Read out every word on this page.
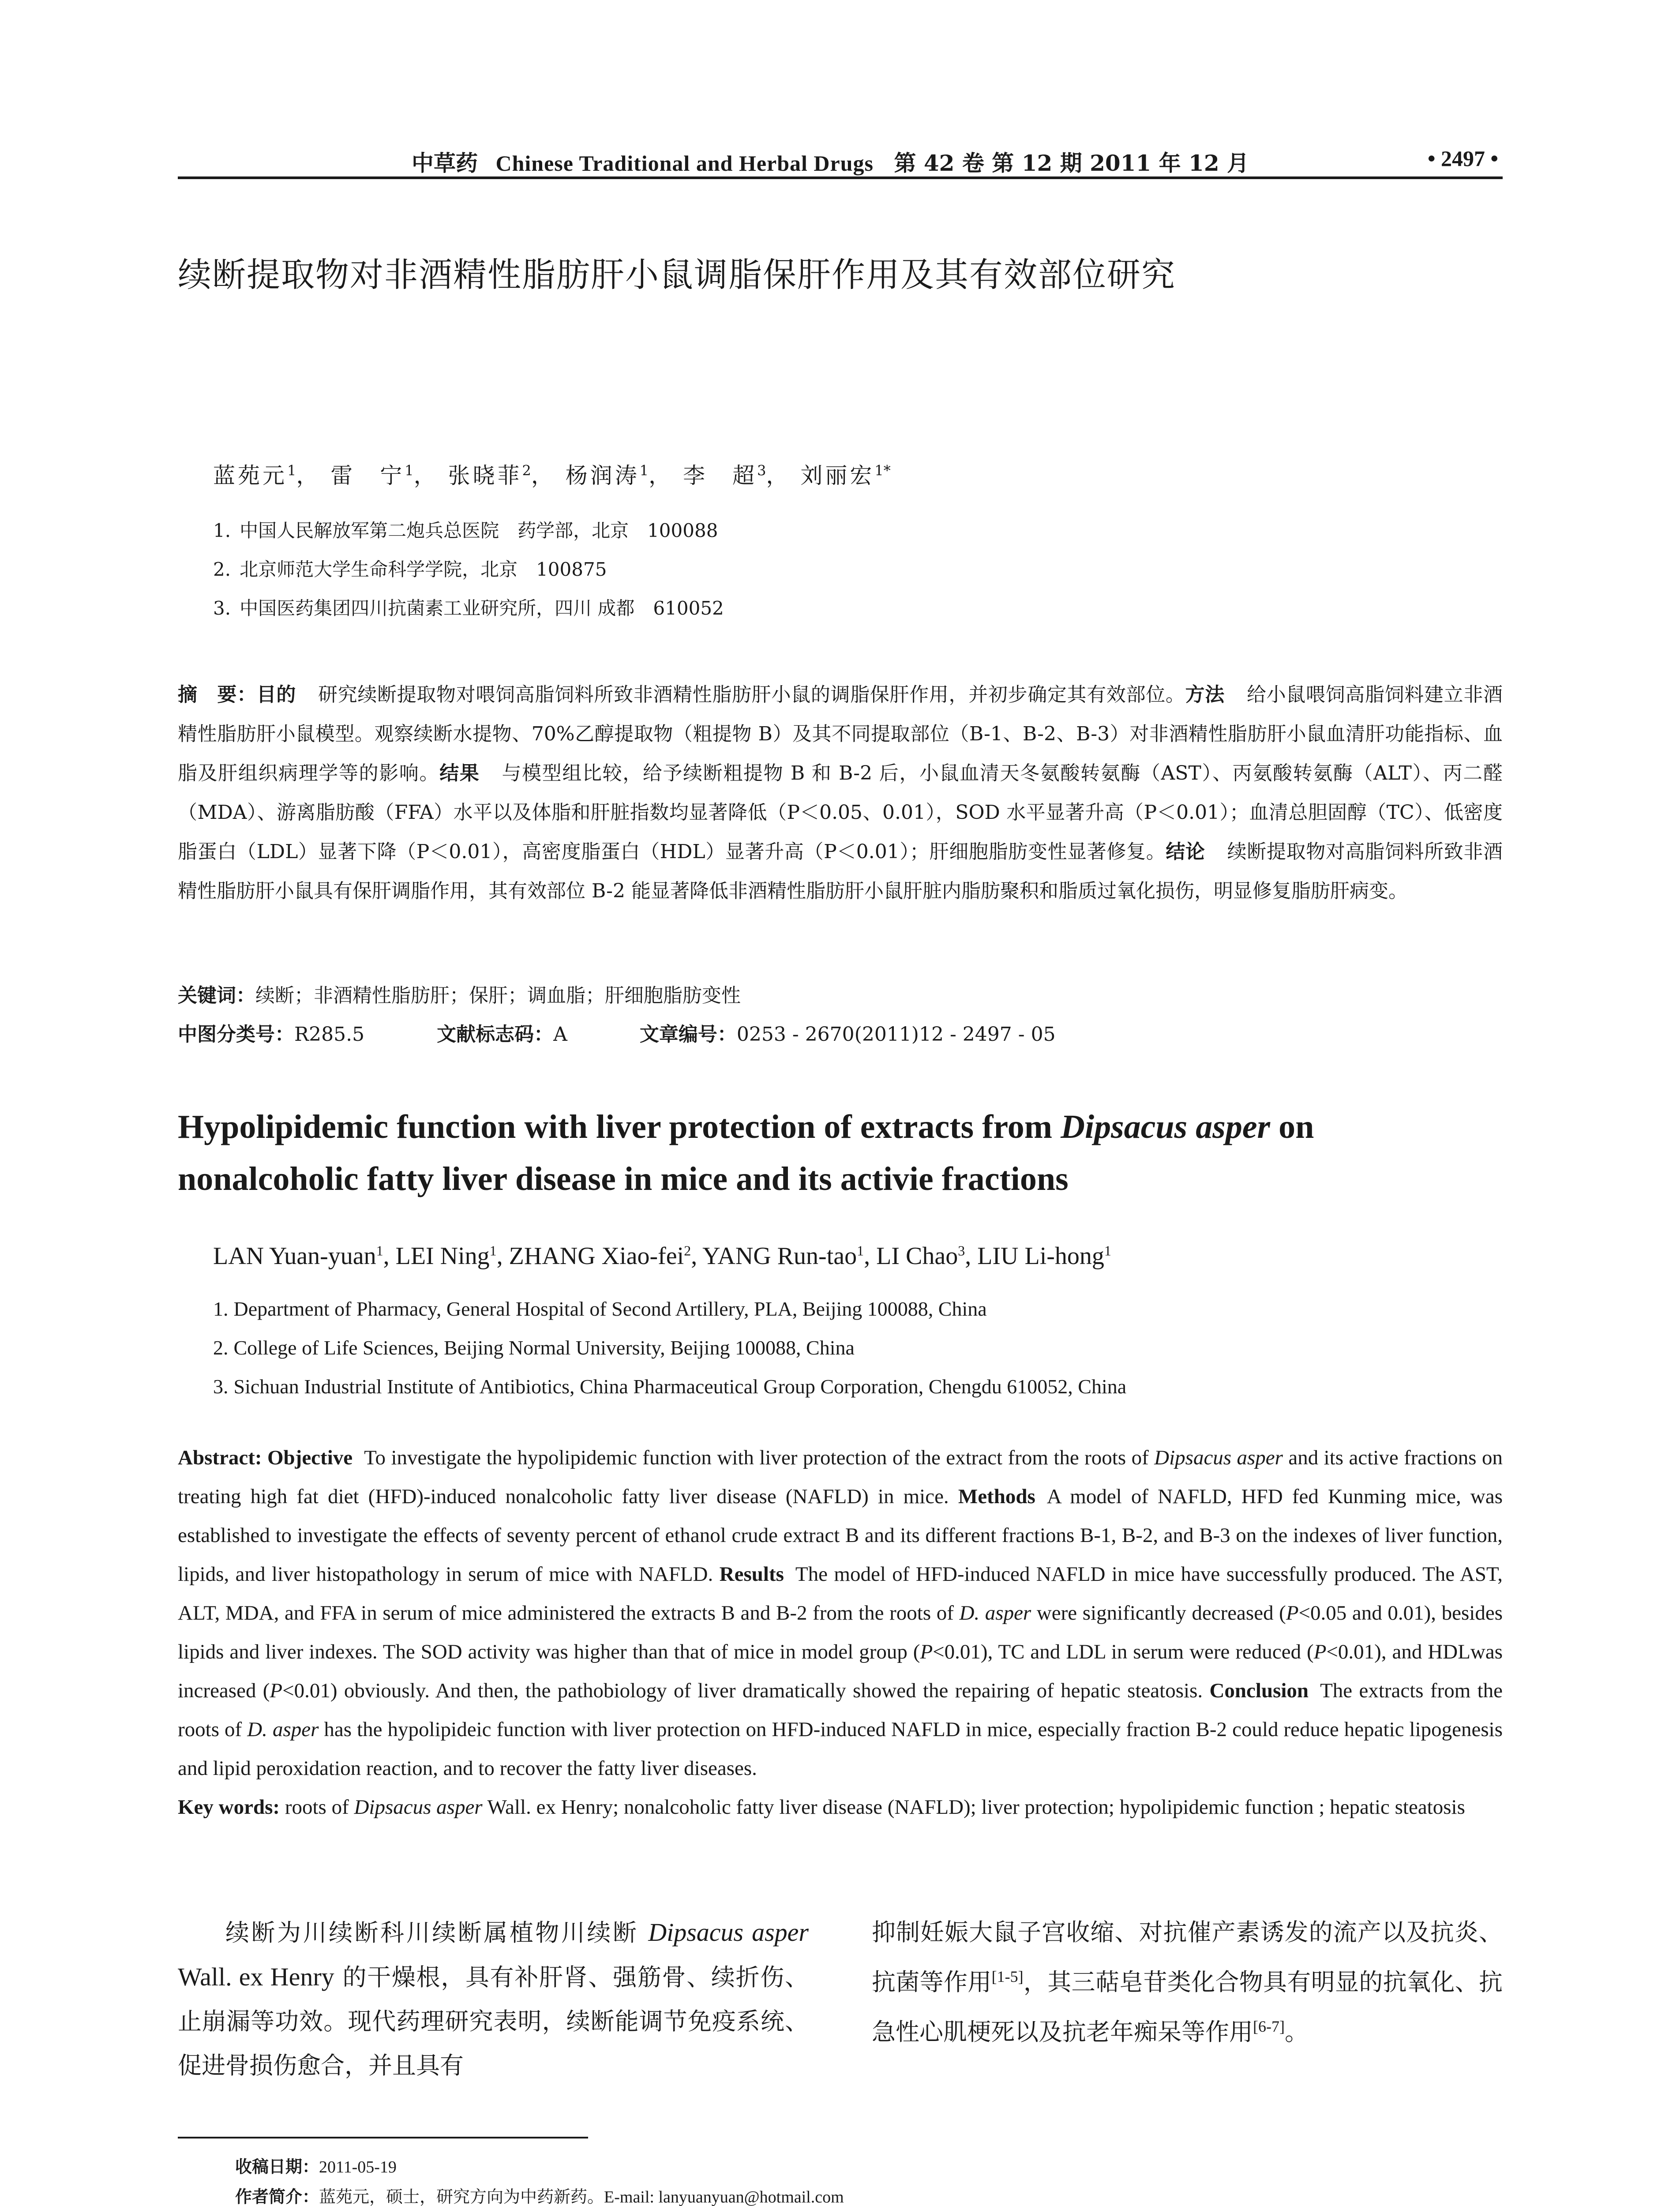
中草药 Chinese Traditional and Herbal Drugs 第 42 卷 第 12 期 2011 年 12 月	• 2497 •
续断提取物对非酒精性脂肪肝小鼠调脂保肝作用及其有效部位研究
蓝苑元$^1$， 雷　宁$^1$， 张晓菲$^2$， 杨润涛$^1$， 李　超$^3$， 刘丽宏$^{1*}$
1. 中国人民解放军第二炮兵总医院　药学部，北京　100088
2. 北京师范大学生命科学学院，北京　100875
3. 中国医药集团四川抗菌素工业研究所，四川 成都　610052
摘　要：目的 研究续断提取物对喂饲高脂饲料所致非酒精性脂肪肝小鼠的调脂保肝作用，并初步确定其有效部位。方法 给小鼠喂饲高脂饲料建立非酒精性脂肪肝小鼠模型。观察续断水提物、70%乙醇提取物（粗提物 B）及其不同提取部位（B-1、B-2、B-3）对非酒精性脂肪肝小鼠血清肝功能指标、血脂及肝组织病理学等的影响。结果 与模型组比较，给予续断粗提物 B 和 B-2 后，小鼠血清天冬氨酸转氨酶（AST）、丙氨酸转氨酶（ALT）、丙二醛（MDA）、游离脂肪酸（FFA）水平以及体脂和肝脏指数均显著降低（P＜0.05、0.01），SOD 水平显著升高（P＜0.01）；血清总胆固醇（TC）、低密度脂蛋白（LDL）显著下降（P＜0.01），高密度脂蛋白（HDL）显著升高（P＜0.01）；肝细胞脂肪变性显著修复。结论 续断提取物对高脂饲料所致非酒精性脂肪肝小鼠具有保肝调脂作用，其有效部位 B-2 能显著降低非酒精性脂肪肝小鼠肝脏内脂肪聚积和脂质过氧化损伤，明显修复脂肪肝病变。
关键词：续断；非酒精性脂肪肝；保肝；调血脂；肝细胞脂肪变性
中图分类号：R285.5	文献标志码：A	文章编号：0253 - 2670(2011)12 - 2497 - 05
Hypolipidemic function with liver protection of extracts from Dipsacus asper on nonalcoholic fatty liver disease in mice and its activie fractions
LAN Yuan-yuan$^1$, LEI Ning$^1$, ZHANG Xiao-fei$^2$, YANG Run-tao$^1$, LI Chao$^3$, LIU Li-hong$^1$
1. Department of Pharmacy, General Hospital of Second Artillery, PLA, Beijing 100088, China
2. College of Life Sciences, Beijing Normal University, Beijing 100088, China
3. Sichuan Industrial Institute of Antibiotics, China Pharmaceutical Group Corporation, Chengdu 610052, China
Abstract: Objective To investigate the hypolipidemic function with liver protection of the extract from the roots of Dipsacus asper and its active fractions on treating high fat diet (HFD)-induced nonalcoholic fatty liver disease (NAFLD) in mice. Methods A model of NAFLD, HFD fed Kunming mice, was established to investigate the effects of seventy percent of ethanol crude extract B and its different fractions B-1, B-2, and B-3 on the indexes of liver function, lipids, and liver histopathology in serum of mice with NAFLD. Results The model of HFD-induced NAFLD in mice have successfully produced. The AST, ALT, MDA, and FFA in serum of mice administered the extracts B and B-2 from the roots of D. asper were significantly decreased (P<0.05 and 0.01), besides lipids and liver indexes. The SOD activity was higher than that of mice in model group (P<0.01), TC and LDL in serum were reduced (P<0.01), and HDLwas increased (P<0.01) obviously. And then, the pathobiology of liver dramatically showed the repairing of hepatic steatosis. Conclusion The extracts from the roots of D. asper has the hypolipideic function with liver protection on HFD-induced NAFLD in mice, especially fraction B-2 could reduce hepatic lipogenesis and lipid peroxidation reaction, and to recover the fatty liver diseases.
Key words: roots of Dipsacus asper Wall. ex Henry; nonalcoholic fatty liver disease (NAFLD); liver protection; hypolipidemic function ; hepatic steatosis
续断为川续断科川续断属植物川续断 Dipsacus asper Wall. ex Henry 的干燥根，具有补肝肾、强筋骨、续折伤、止崩漏等功效。现代药理研究表明，续断能调节免疫系统、促进骨损伤愈合，并且具有
抑制妊娠大鼠子宫收缩、对抗催产素诱发的流产以及抗炎、抗菌等作用[1-5]，其三萜皂苷类化合物具有明显的抗氧化、抗急性心肌梗死以及抗老年痴呆等作用[6-7]。
收稿日期：2011-05-19
作者简介：蓝苑元，硕士，研究方向为中药新药。E-mail: lanyuanyuan@hotmail.com
